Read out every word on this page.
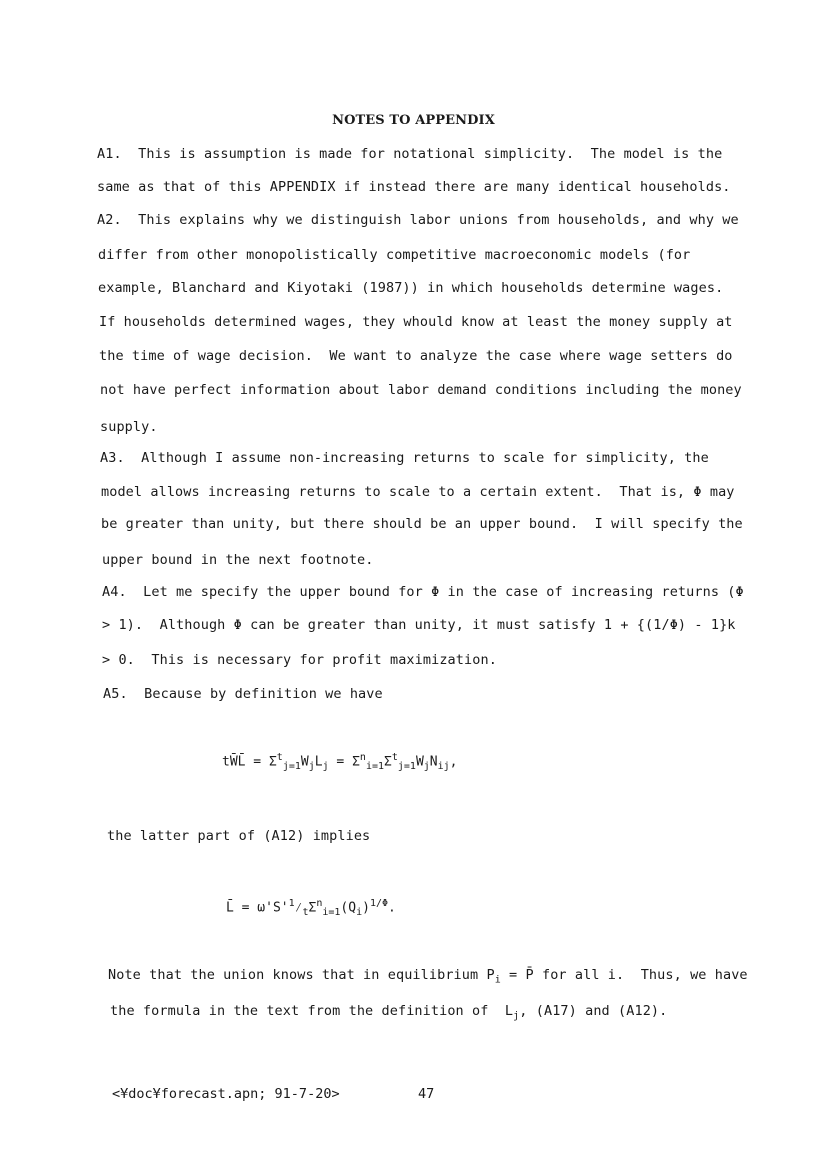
NOTES TO APPENDIX
A1.  This is assumption is made for notational simplicity.  The model is the
same as that of this APPENDIX if instead there are many identical households.
A2.  This explains why we distinguish labor unions from households, and why we
differ from other monopolistically competitive macroeconomic models (for
example, Blanchard and Kiyotaki (1987)) in which households determine wages.
If households determined wages, they whould know at least the money supply at
the time of wage decision.  We want to analyze the case where wage setters do
not have perfect information about labor demand conditions including the money
supply.
A3.  Although I assume non-increasing returns to scale for simplicity, the
model allows increasing returns to scale to a certain extent.  That is, Φ may
be greater than unity, but there should be an upper bound.  I will specify the
upper bound in the next footnote.
A4.  Let me specify the upper bound for Φ in the case of increasing returns (Φ
> 1).  Although Φ can be greater than unity, it must satisfy 1 + {(1/Φ) - 1}k
> 0.  This is necessary for profit maximization.
A5.  Because by definition we have
tW̄L̄ = $\Sigma^t_{j=1}W_jL_j = \Sigma^n_{i=1}\Sigma^t_{j=1}W_jN_{ij}$,
the latter part of (A12) implies
L̄ = $\omega'S'^1⁄_t\Sigma^n_{i=1}(Q_i)^{1/\Phi}$.
Note that the union knows that in equilibrium $P_i$ = P̄ for all i.  Thus, we have
the formula in the text from the definition of  $L_j$, (A17) and (A12).
<¥doc¥forecast.apn; 91-7-20>	47
